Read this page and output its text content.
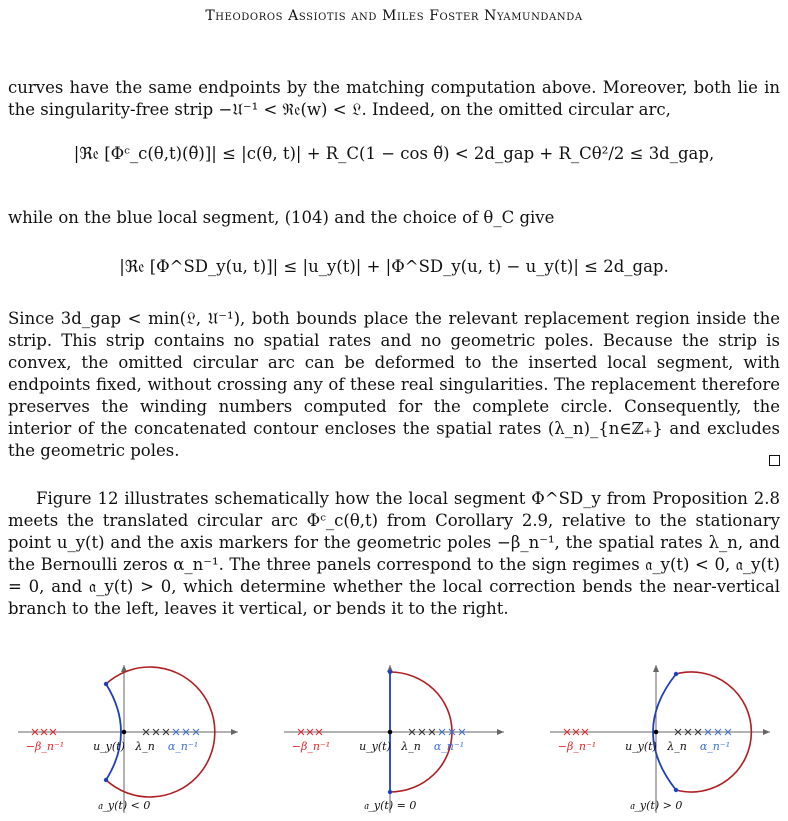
Theodoros Assiotis and Miles Foster Nyamundanda
curves have the same endpoints by the matching computation above. Moreover, both lie in the singularity-free strip −𝔘⁻¹ < ℜ𝔢(w) < 𝔏. Indeed, on the omitted circular arc,
|ℜ𝔢 [Φᶜ_c(θ,t)(θ̃)]| ≤ |c(θ, t)| + R_C(1 − cos θ̃) < 2d_gap + R_Cθ²/2 ≤ 3d_gap,
while on the blue local segment, (104) and the choice of θ_C give
|ℜ𝔢 [Φ^SD_y(u, t)]| ≤ |u_y(t)| + |Φ^SD_y(u, t) − u_y(t)| ≤ 2d_gap.
Since 3d_gap < min(𝔏, 𝔘⁻¹), both bounds place the relevant replacement region inside the strip. This strip contains no spatial rates and no geometric poles. Because the strip is convex, the omitted circular arc can be deformed to the inserted local segment, with endpoints fixed, without crossing any of these real singularities. The replacement therefore preserves the winding numbers computed for the complete circle. Consequently, the interior of the concatenated contour encloses the spatial rates (λ_n)_{n∈ℤ₊} and excludes the geometric poles.
Figure 12 illustrates schematically how the local segment Φ^SD_y from Proposition 2.8 meets the translated circular arc Φᶜ_c(θ,t) from Corollary 2.9, relative to the stationary point u_y(t) and the axis markers for the geometric poles −β_n⁻¹, the spatial rates λ_n, and the Bernoulli zeros α_n⁻¹. The three panels correspond to the sign regimes 𝔞_y(t) < 0, 𝔞_y(t) = 0, and 𝔞_y(t) > 0, which determine whether the local correction bends the near-vertical branch to the left, leaves it vertical, or bends it to the right.
−β_n⁻¹	u_y(t) λ_n α_n⁻¹
𝔞_y(t) < 0
−β_n⁻¹	u_y(t) λ_n α_n⁻¹
𝔞_y(t) = 0
−β_n⁻¹	u_y(t) λ_n α_n⁻¹
𝔞_y(t) > 0
